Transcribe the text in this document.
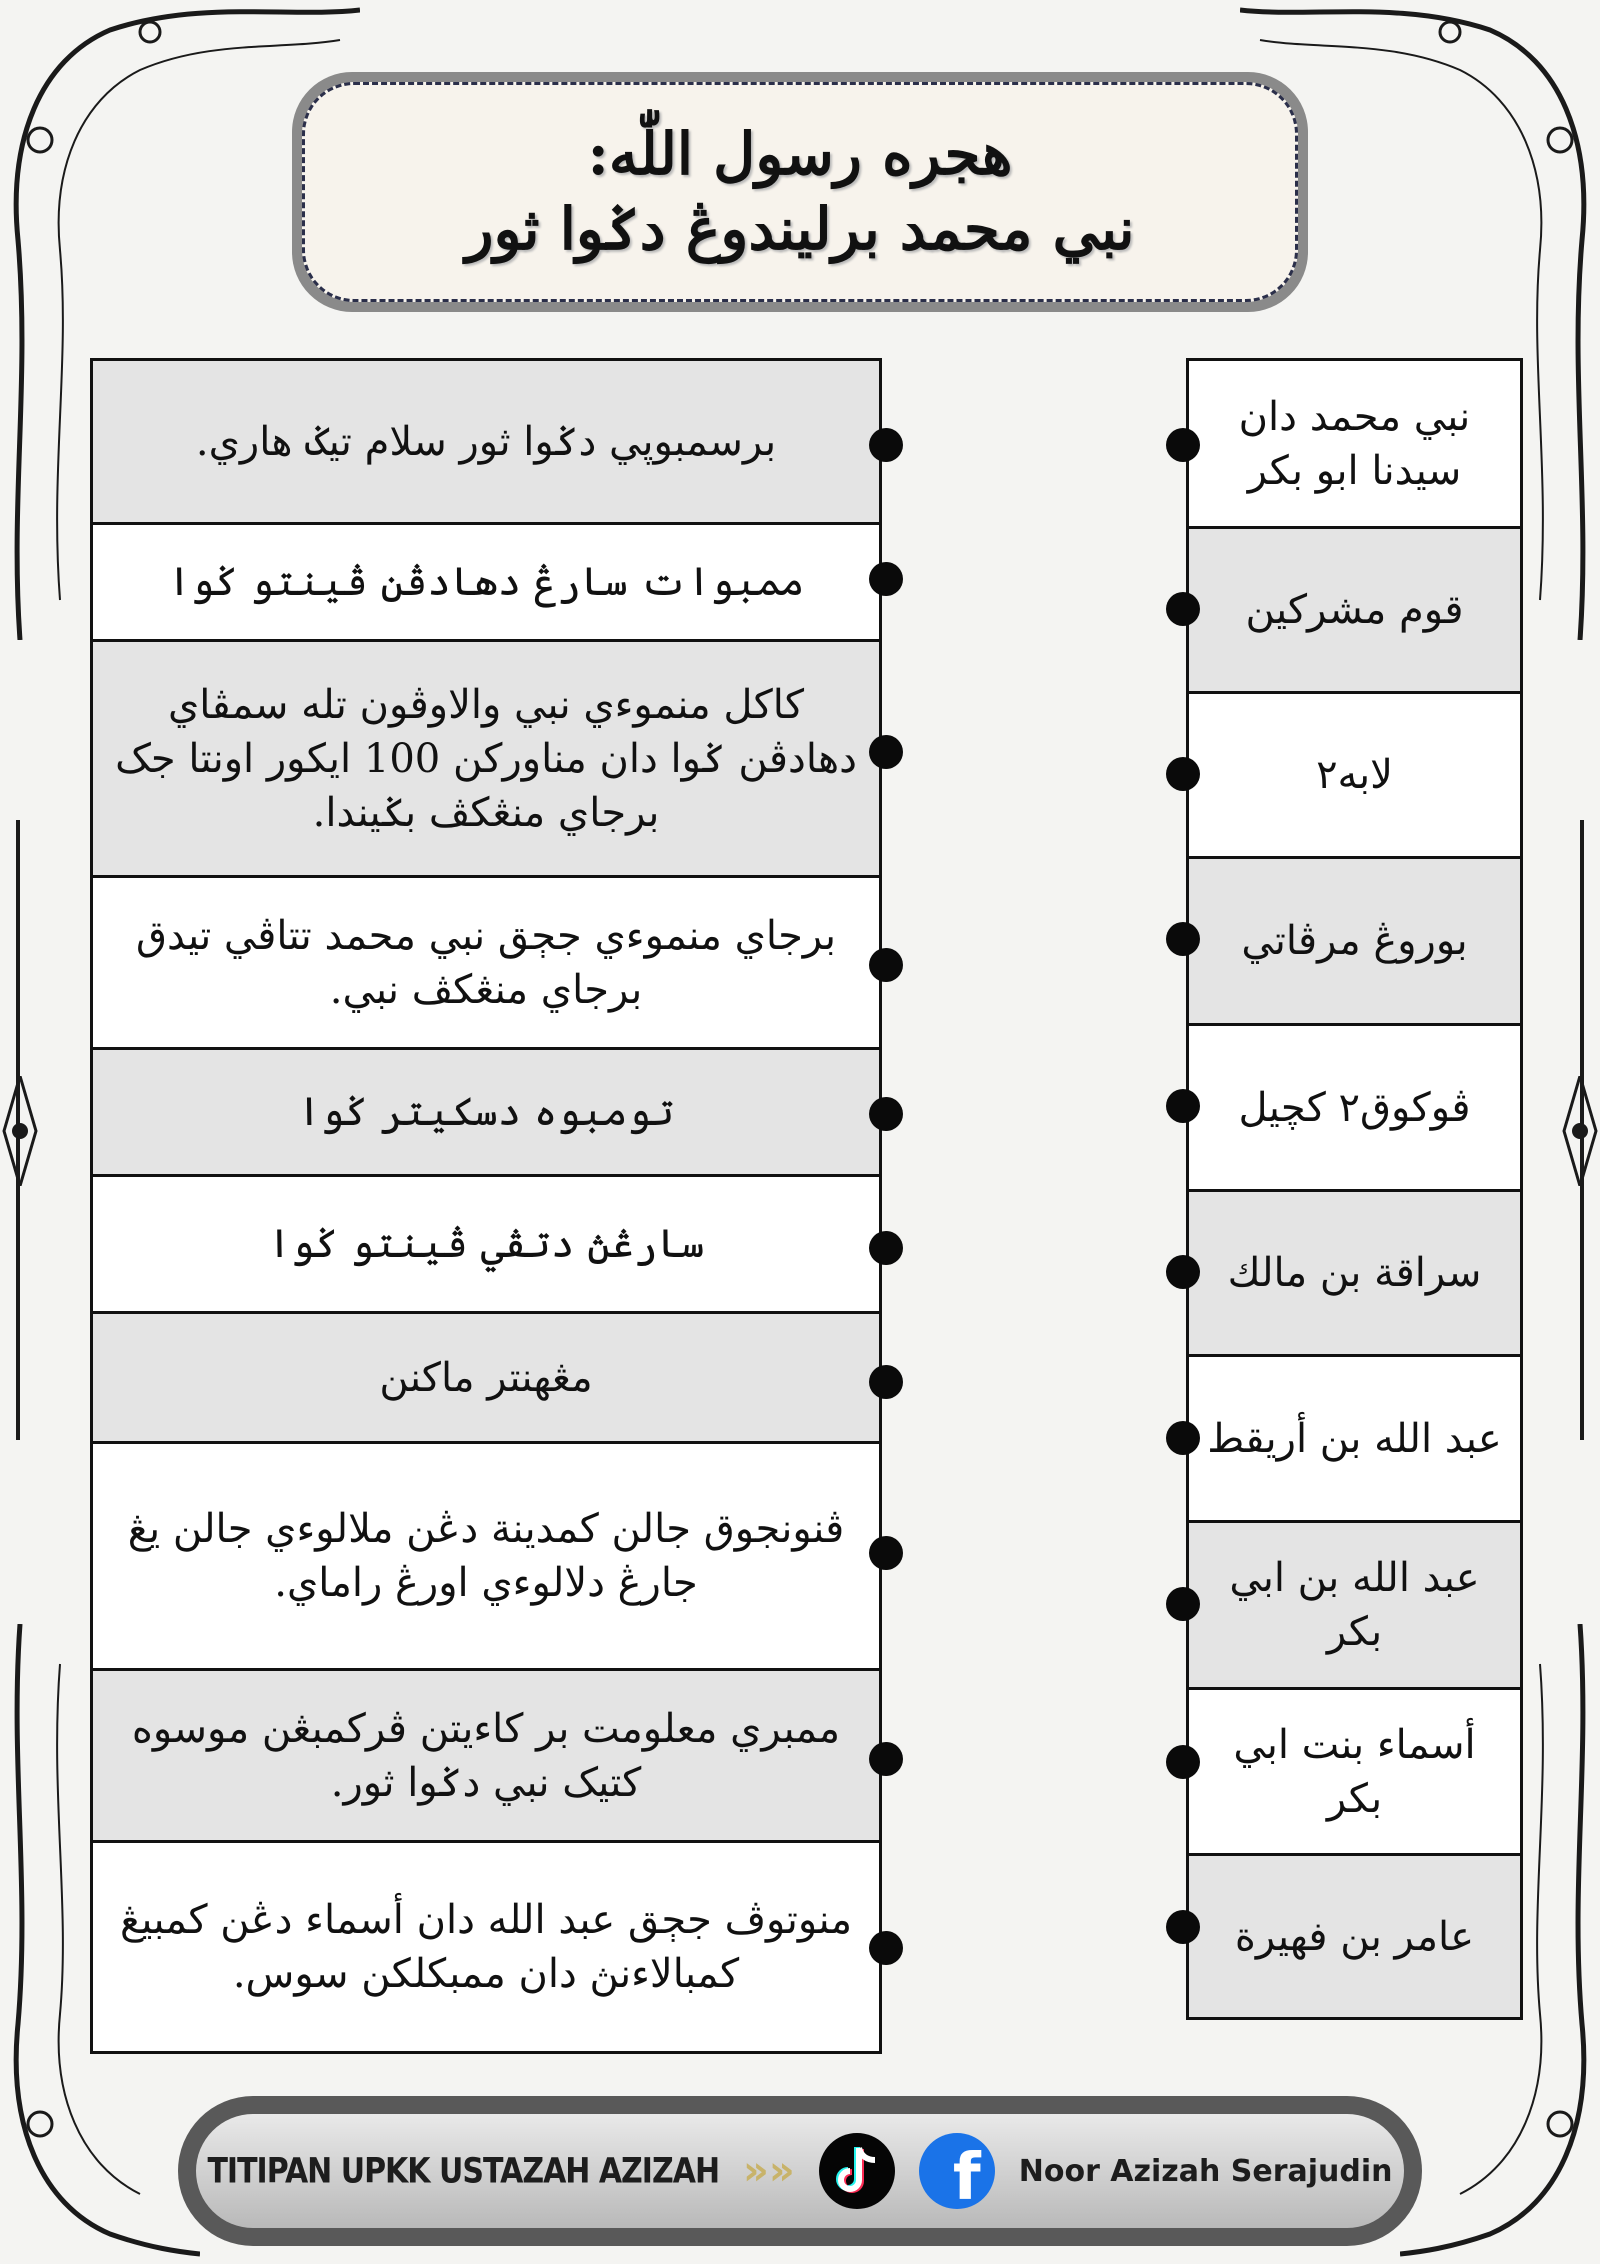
هجره رسول اللّٰه:
نبي محمد برليندوڠ دݢوا ثور
برسمبوڽي دݢوا ثور سلام تيݢ هاري.
ممبوات سارڠ دهادڤن ڤينتو ݢوا
كاكل منموءي نبي والاوڤون تله سمڤاي دهادڤن ݢوا دان مناورکن 100 ايکور اونتا جک برجاي منڠکڤ بݢيندا.
برجاي منموءي جڄق نبي محمد تتاڤي تيدق برجاي منڠکڤ نبي.
تومبوه دسکيتر ݢوا
سارڠڽ دتڤي ڤينتو ݢوا
مڠهنتر ماکنن
ڤنونجوق جالن کمدينة دڠن ملالوءي جالن يڠ جارڠ دلالوءي اورڠ راماي.
ممبري معلومت بر كاءيتن ڤرکمبڠن موسوه کتيک نبي دݢوا ثور.
منوتوڤ جڄق عبد الله دان أسماء دڠن کمبيڠ کمبالاءنڽ دان ممبکلکن سوس.
نبي محمد دان سيدنا ابو بکر
قوم مشرکين
لابه٢
بوروڠ مرڤاتي
ڤوکوق٢ کچيل
سراقة بن مالك
عبد الله بن أريقط
عبد الله بن ابي بکر
أسماء بنت ابي بکر
عامر بن فهيرة
TITIPAN UPKK USTAZAH AZIZAH »» f Noor Azizah Serajudin
